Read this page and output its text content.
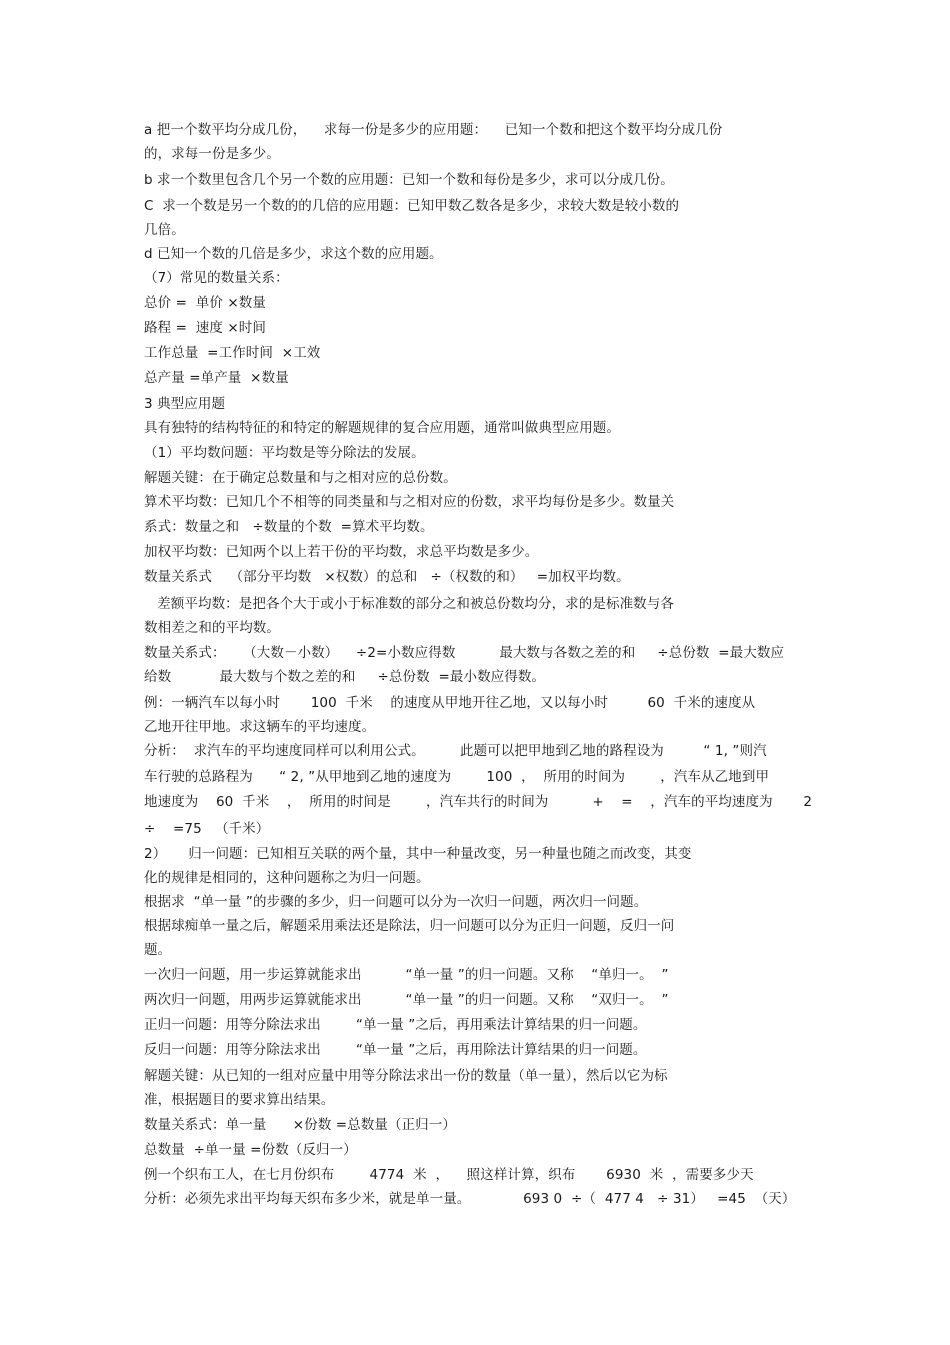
a 把一个数平均分成几份，    求每一份是多少的应用题：    已知一个数和把这个数平均分成几份
的，求每一份是多少。
b 求一个数里包含几个另一个数的应用题：已知一个数和每份是多少，求可以分成几份。
C  求一个数是另一个数的的几倍的应用题：已知甲数乙数各是多少，求较大数是较小数的
几倍。
d 已知一个数的几倍是多少，求这个数的应用题。
（7）常见的数量关系：
总价 =  单价 ×数量
路程 =  速度 ×时间
工作总量  =工作时间  ×工效
总产量 =单产量  ×数量
3 典型应用题
具有独特的结构特征的和特定的解题规律的复合应用题，通常叫做典型应用题。
（1）平均数问题：平均数是等分除法的发展。
解题关键：在于确定总数量和与之相对应的总份数。
算术平均数：已知几个不相等的同类量和与之相对应的份数，求平均每份是多少。数量关
系式：数量之和   ÷数量的个数  =算术平均数。
加权平均数：已知两个以上若干份的平均数，求总平均数是多少。
数量关系式    （部分平均数   ×权数）的总和   ÷（权数的和）   =加权平均数。
差额平均数：是把各个大于或小于标准数的部分之和被总份数均分，求的是标准数与各
数相差之和的平均数。
数量关系式：    （大数－小数）    ÷2=小数应得数          最大数与各数之差的和     ÷总份数  =最大数应
给数           最大数与个数之差的和     ÷总份数  =最小数应得数。
例：一辆汽车以每小时       100  千米    的速度从甲地开往乙地，又以每小时         60  千米的速度从
乙地开往甲地。求这辆车的平均速度。
分析：  求汽车的平均速度同样可以利用公式。        此题可以把甲地到乙地的路程设为         “ 1, ”则汽
车行驶的总路程为      “ 2, ”从甲地到乙地的速度为        100  ，  所用的时间为        ，汽车从乙地到甲
地速度为    60  千米    ，  所用的时间是        ，汽车共行的时间为          +    =    ，汽车的平均速度为       2
÷    =75   （千米）
2）     归一问题：已知相互关联的两个量，其中一种量改变，另一种量也随之而改变，其变
化的规律是相同的，这种问题称之为归一问题。
根据求  “单一量 ”的步骤的多少，归一问题可以分为一次归一问题，两次归一问题。
根据球痴单一量之后，解题采用乘法还是除法，归一问题可以分为正归一问题，反归一问
题。
一次归一问题，用一步运算就能求出          “单一量 ”的归一问题。又称    “单归一。  ”
两次归一问题，用两步运算就能求出          “单一量 ”的归一问题。又称    “双归一。  ”
正归一问题：用等分除法求出        “单一量 ”之后，再用乘法计算结果的归一问题。
反归一问题：用等分除法求出        “单一量 ”之后，再用除法计算结果的归一问题。
解题关键：从已知的一组对应量中用等分除法求出一份的数量（单一量），然后以它为标
准，根据题目的要求算出结果。
数量关系式：单一量      ×份数 =总数量（正归一）
总数量  ÷单一量 =份数（反归一）
例一个织布工人，在七月份织布        4774  米  ，    照这样计算，织布       6930  米  ，需要多少天
分析：必须先求出平均每天织布多少米，就是单一量。            693 0  ÷（  477 4   ÷ 31）   =45  （天）
